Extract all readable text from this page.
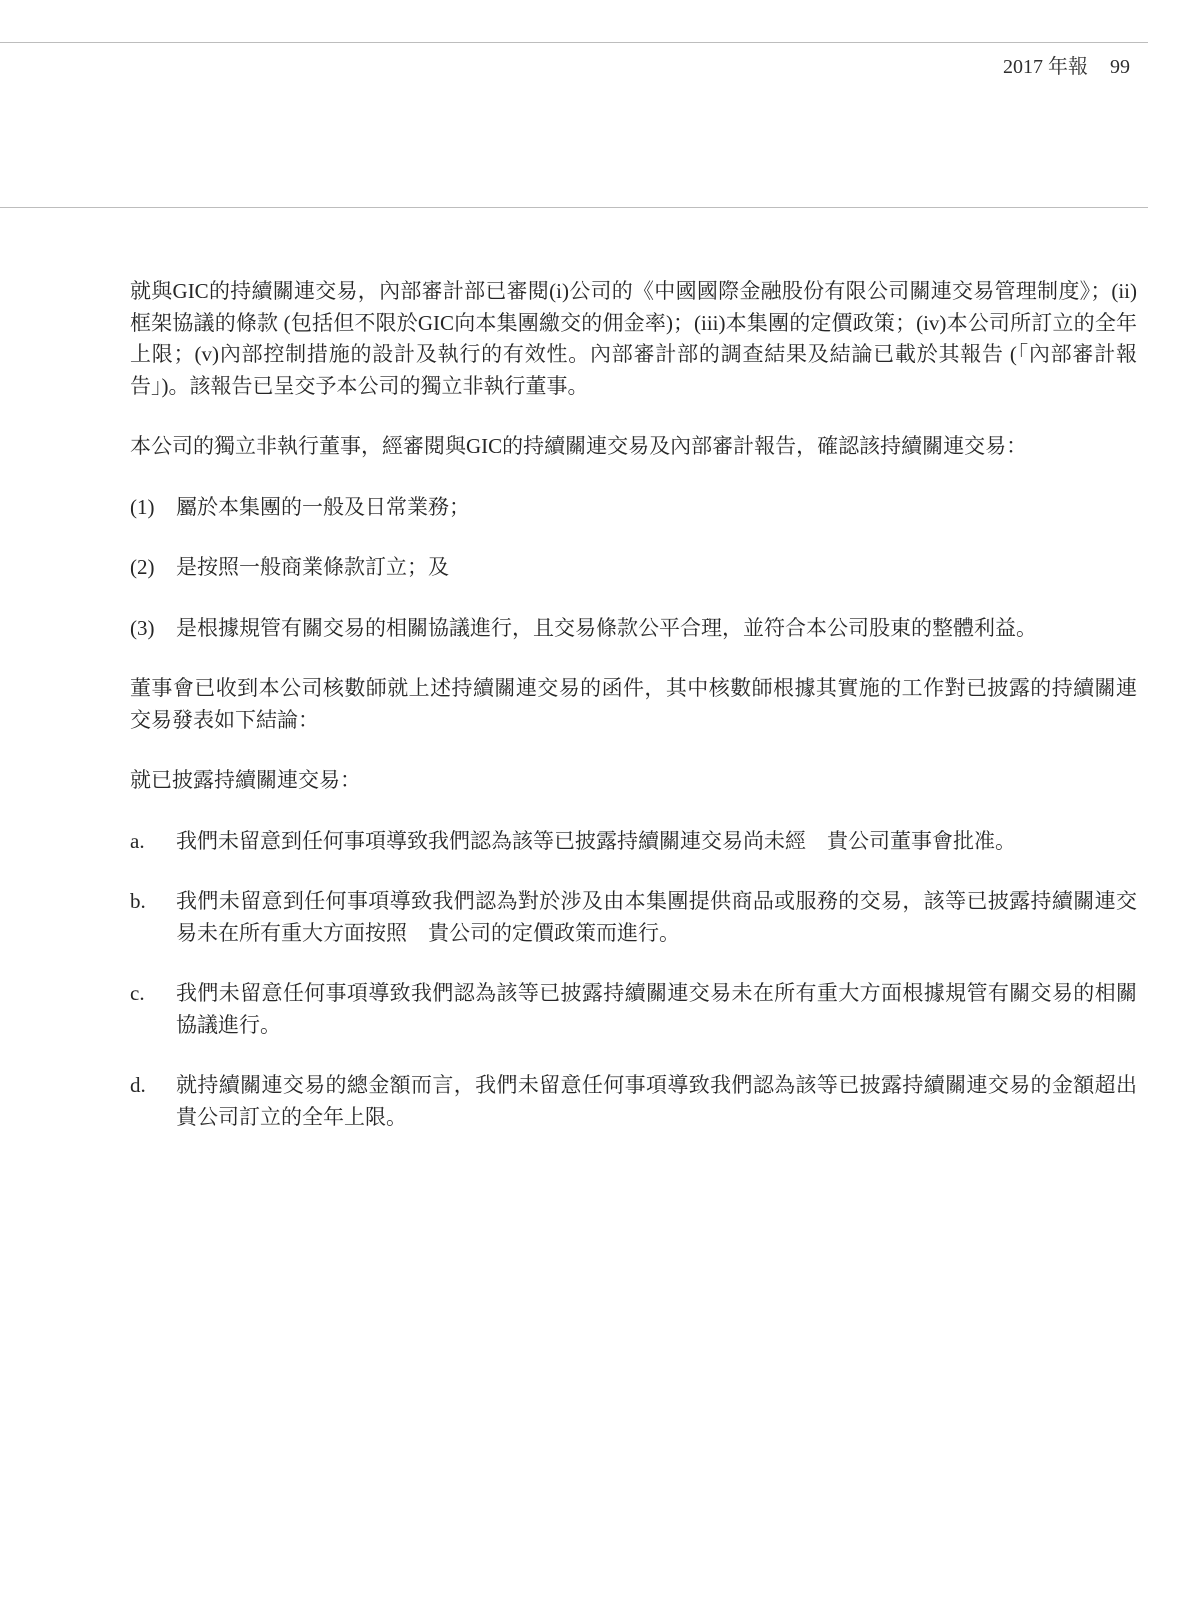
2017 年報 99

就與GIC的持續關連交易，內部審計部已審閱(i)公司的《中國國際金融股份有限公司關連交易管理制度》；(ii)框架協議的條款 (包括但不限於GIC向本集團繳交的佣金率)；(iii)本集團的定價政策；(iv)本公司所訂立的全年上限；(v)內部控制措施的設計及執行的有效性。內部審計部的調查結果及結論已載於其報告 (「內部審計報告」)。該報告已呈交予本公司的獨立非執行董事。

本公司的獨立非執行董事，經審閱與GIC的持續關連交易及內部審計報告，確認該持續關連交易：

(1) 屬於本集團的一般及日常業務；
(2) 是按照一般商業條款訂立；及
(3) 是根據規管有關交易的相關協議進行，且交易條款公平合理，並符合本公司股東的整體利益。

董事會已收到本公司核數師就上述持續關連交易的函件，其中核數師根據其實施的工作對已披露的持續關連交易發表如下結論：

就已披露持續關連交易：

a. 我們未留意到任何事項導致我們認為該等已披露持續關連交易尚未經　貴公司董事會批准。
b. 我們未留意到任何事項導致我們認為對於涉及由本集團提供商品或服務的交易，該等已披露持續關連交易未在所有重大方面按照　貴公司的定價政策而進行。
c. 我們未留意任何事項導致我們認為該等已披露持續關連交易未在所有重大方面根據規管有關交易的相關協議進行。
d. 就持續關連交易的總金額而言，我們未留意任何事項導致我們認為該等已披露持續關連交易的金額超出　貴公司訂立的全年上限。
